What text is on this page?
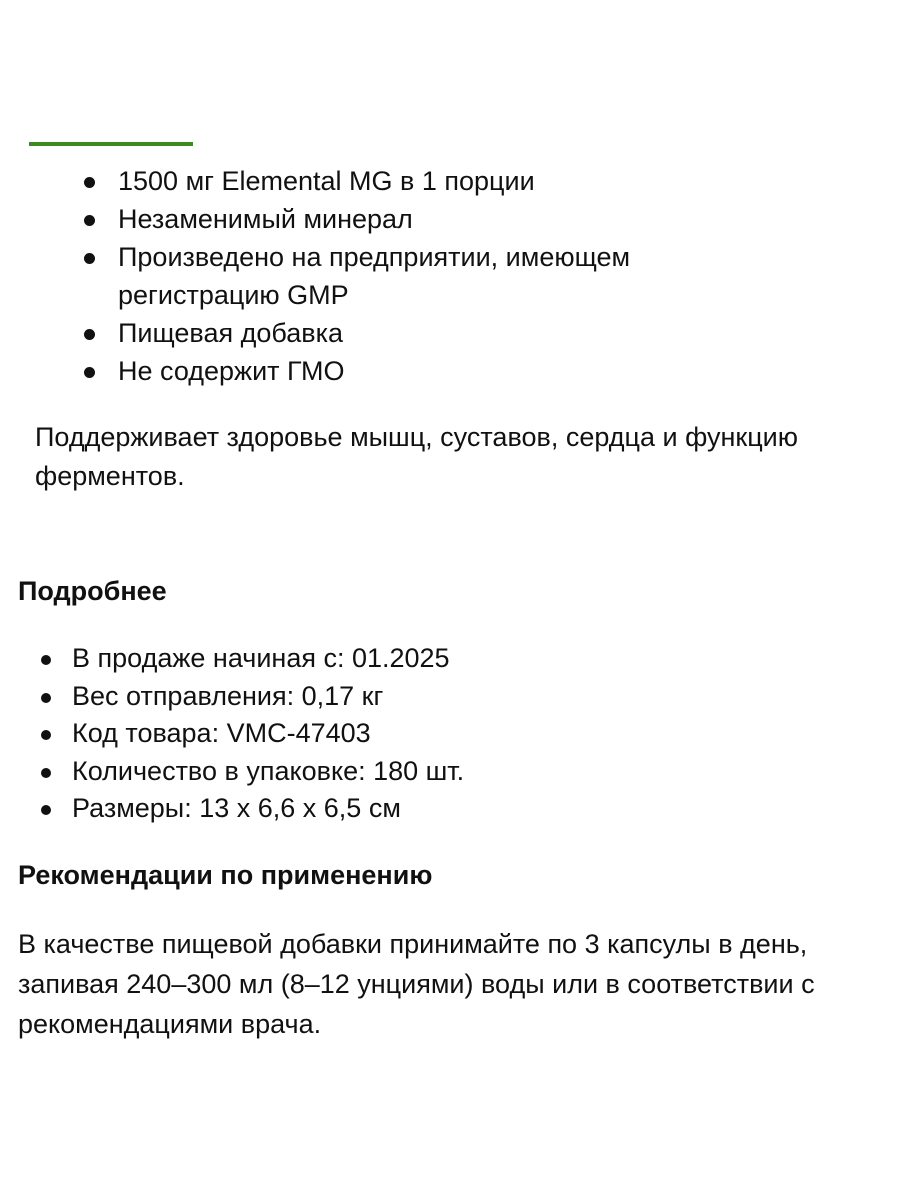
1500 мг Elemental MG в 1 порции
Незаменимый минерал
Произведено на предприятии, имеющем регистрацию GMP
Пищевая добавка
Не содержит ГМО

Поддерживает здоровье мышц, суставов, сердца и функцию ферментов.

Подробнее
В продаже начиная с: 01.2025
Вес отправления: 0,17 кг
Код товара: VMC-47403
Количество в упаковке: 180 шт.
Размеры: 13 x 6,6 x 6,5 см
Рекомендации по применению

В качестве пищевой добавки принимайте по 3 капсулы в день, запивая 240–300 мл (8–12 унциями) воды или в соответствии с рекомендациями врача.
